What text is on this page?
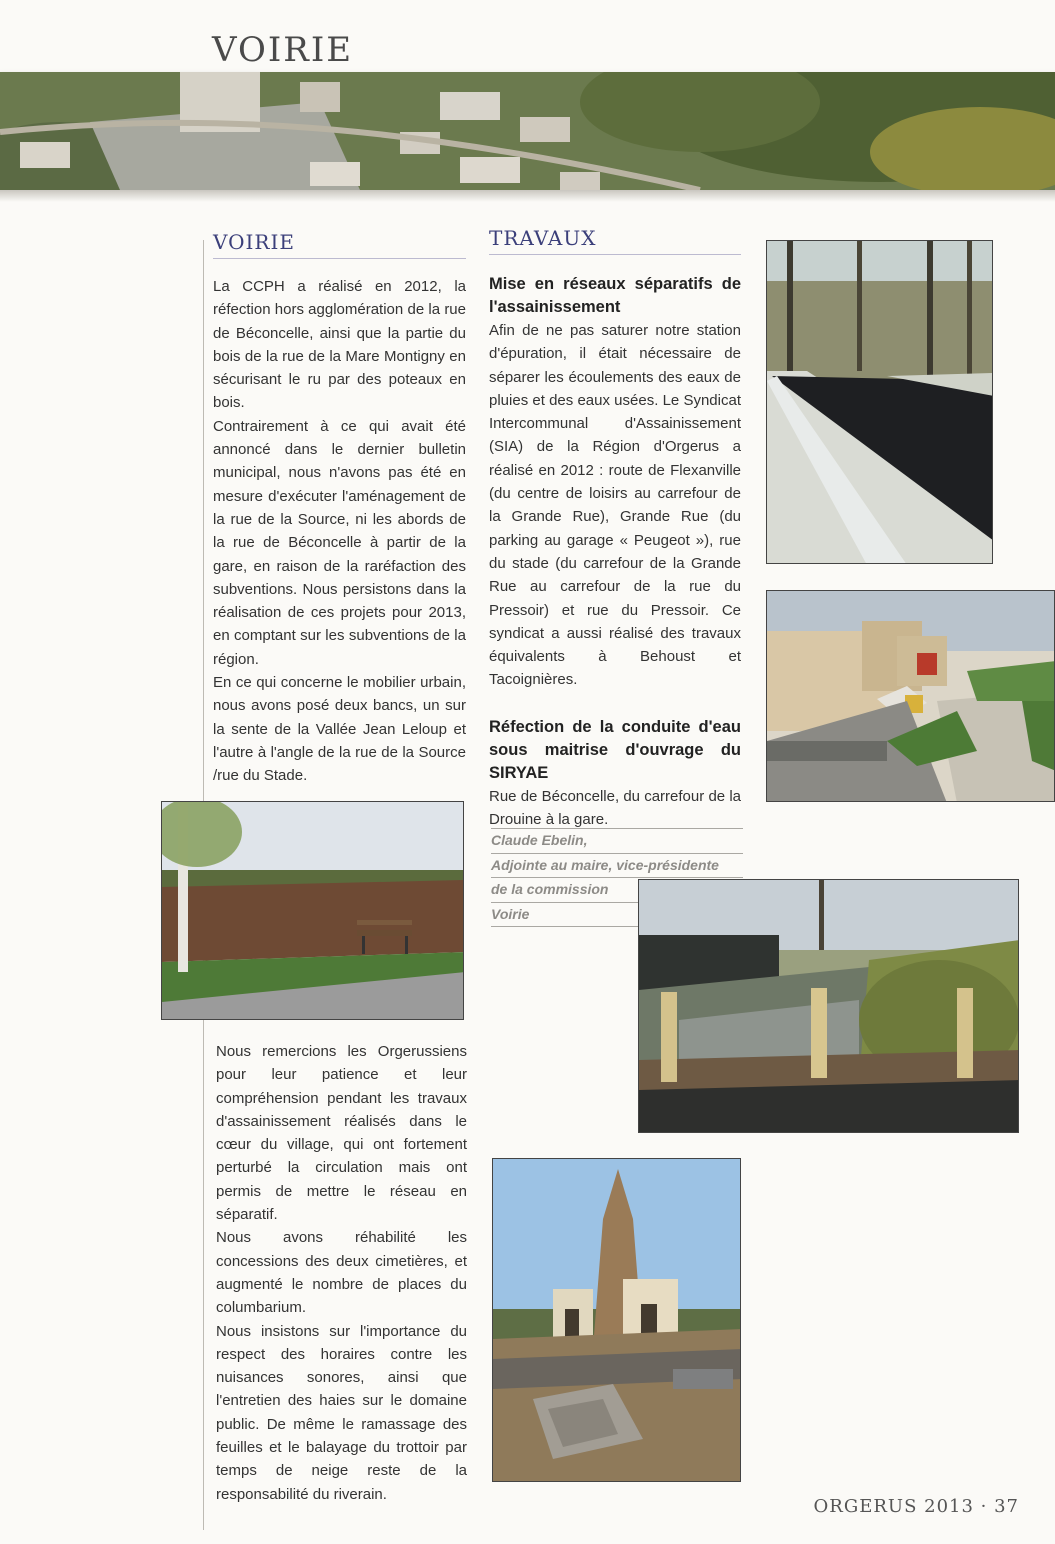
VOIRIE
VOIRIE

La CCPH a réalisé en 2012, la réfection hors agglomération de la rue de Béconcelle, ainsi que la partie du bois de la rue de la Mare Montigny en sécurisant le ru par des poteaux en bois.

Contrairement à ce qui avait été annoncé dans le dernier bulletin municipal, nous n'avons pas été en mesure d'exécuter l'aménagement de la rue de la Source, ni les abords de la rue de Béconcelle à partir de la gare, en raison de la raréfaction des subventions. Nous persistons dans la réalisation de ces projets pour 2013, en comptant sur les subventions de la région.

En ce qui concerne le mobilier urbain, nous avons posé deux bancs, un sur la sente de la Vallée Jean Leloup et l'autre à l'angle de la rue de la Source /rue du Stade.

Nous remercions les Orgerussiens pour leur patience et leur compréhension pendant les travaux d'assainissement réalisés dans le cœur du village, qui ont fortement perturbé la circulation mais ont permis de mettre le réseau en séparatif.

Nous avons réhabilité les concessions des deux cimetières, et augmenté le nombre de places du columbarium.

Nous insistons sur l'importance du respect des horaires contre les nuisances sonores, ainsi que l'entretien des haies sur le domaine public. De même le ramassage des feuilles et le balayage du trottoir par temps de neige reste de la responsabilité du riverain.

TRAVAUX

Mise en réseaux séparatifs de l'assainissement

Afin de ne pas saturer notre station d'épuration, il était nécessaire de séparer les écoulements des eaux de pluies et des eaux usées. Le Syndicat Intercommunal d'Assainissement (SIA) de la Région d'Orgerus a réalisé en 2012 : route de Flexanville (du centre de loisirs au carrefour de la Grande Rue), Grande Rue (du parking au garage « Peugeot »), rue du stade (du carrefour de la Grande Rue au carrefour de la rue du Pressoir) et rue du Pressoir. Ce syndicat a aussi réalisé des travaux équivalents à Behoust et Tacoignières.

Réfection de la conduite d'eau sous maitrise d'ouvrage du SIRYAE

Rue de Béconcelle, du carrefour de la Drouine à la gare.

Claude Ebelin,
Adjointe au maire, vice-présidente
de la commission
Voirie
ORGERUS 2013 · 37
